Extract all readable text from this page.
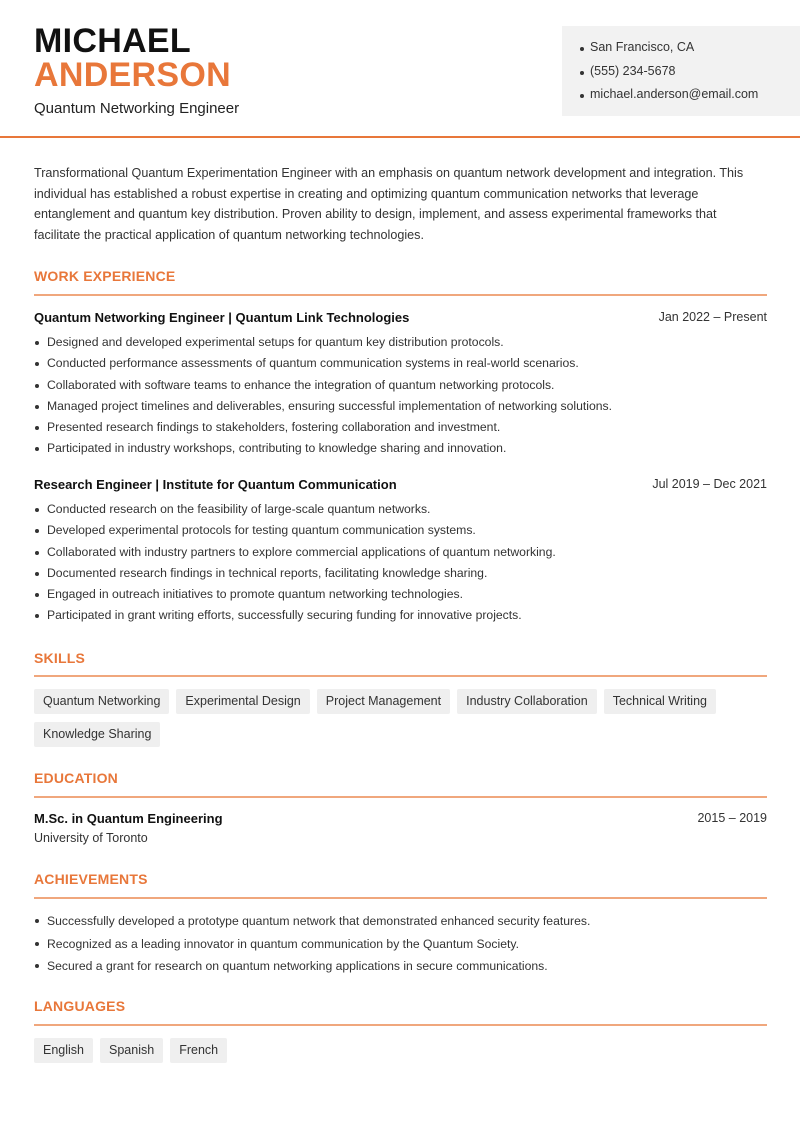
MICHAEL
ANDERSON
Quantum Networking Engineer
San Francisco, CA
(555) 234-5678
michael.anderson@email.com

Transformational Quantum Experimentation Engineer with an emphasis on quantum network development and integration. This individual has established a robust expertise in creating and optimizing quantum communication networks that leverage entanglement and quantum key distribution. Proven ability to design, implement, and assess experimental frameworks that facilitate the practical application of quantum networking technologies.

WORK EXPERIENCE
Quantum Networking Engineer | Quantum Link Technologies	Jan 2022 – Present
Designed and developed experimental setups for quantum key distribution protocols.
Conducted performance assessments of quantum communication systems in real-world scenarios.
Collaborated with software teams to enhance the integration of quantum networking protocols.
Managed project timelines and deliverables, ensuring successful implementation of networking solutions.
Presented research findings to stakeholders, fostering collaboration and investment.
Participated in industry workshops, contributing to knowledge sharing and innovation.
Research Engineer | Institute for Quantum Communication	Jul 2019 – Dec 2021
Conducted research on the feasibility of large-scale quantum networks.
Developed experimental protocols for testing quantum communication systems.
Collaborated with industry partners to explore commercial applications of quantum networking.
Documented research findings in technical reports, facilitating knowledge sharing.
Engaged in outreach initiatives to promote quantum networking technologies.
Participated in grant writing efforts, successfully securing funding for innovative projects.
SKILLS
Quantum Networking	Experimental Design	Project Management	Industry Collaboration	Technical Writing
Knowledge Sharing
EDUCATION
M.Sc. in Quantum Engineering	2015 – 2019
University of Toronto
ACHIEVEMENTS
Successfully developed a prototype quantum network that demonstrated enhanced security features.
Recognized as a leading innovator in quantum communication by the Quantum Society.
Secured a grant for research on quantum networking applications in secure communications.
LANGUAGES
English	Spanish	French
